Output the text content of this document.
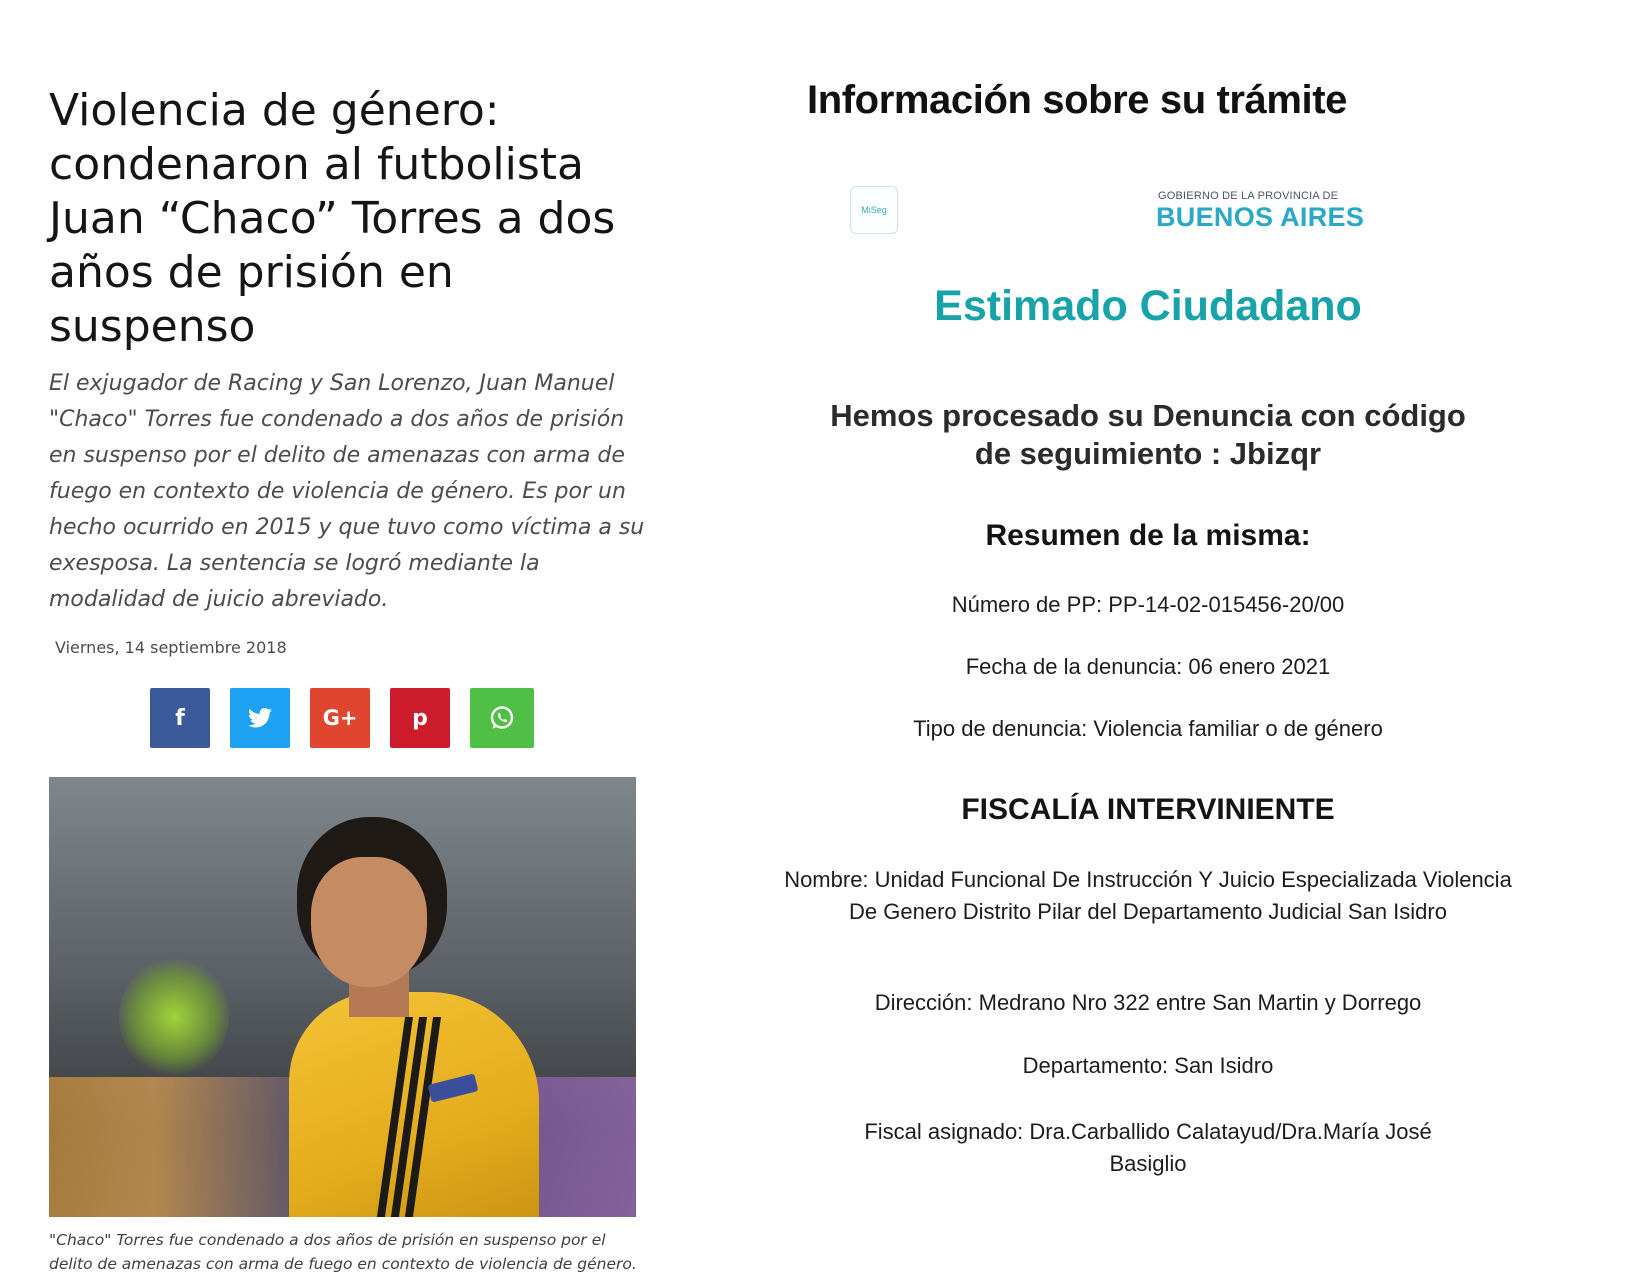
Violencia de género: condenaron al futbolista Juan “Chaco” Torres a dos años de prisión en suspenso

El exjugador de Racing y San Lorenzo, Juan Manuel "Chaco" Torres fue condenado a dos años de prisión en suspenso por el delito de amenazas con arma de fuego en contexto de violencia de género. Es por un hecho ocurrido en 2015 y que tuvo como víctima a su exesposa. La sentencia se logró mediante la modalidad de juicio abreviado.

Viernes, 14 septiembre 2018
f	G+ p

"Chaco" Torres fue condenado a dos años de prisión en suspenso por el delito de amenazas con arma de fuego en contexto de violencia de género.

Información sobre su trámite
MiSeg
GOBIERNO DE LA PROVINCIA DE
BUENOS AIRES
Estimado Ciudadano
Hemos procesado su Denuncia con código
de seguimiento : Jbizqr
Resumen de la misma:

Número de PP: PP-14-02-015456-20/00

Fecha de la denuncia: 06 enero 2021

Tipo de denuncia: Violencia familiar o de género

FISCALÍA INTERVINIENTE

Nombre: Unidad Funcional De Instrucción Y Juicio Especializada Violencia De Genero Distrito Pilar del Departamento Judicial San Isidro

Dirección: Medrano Nro 322 entre San Martin y Dorrego

Departamento: San Isidro

Fiscal asignado: Dra.Carballido Calatayud/Dra.María José
Basiglio
